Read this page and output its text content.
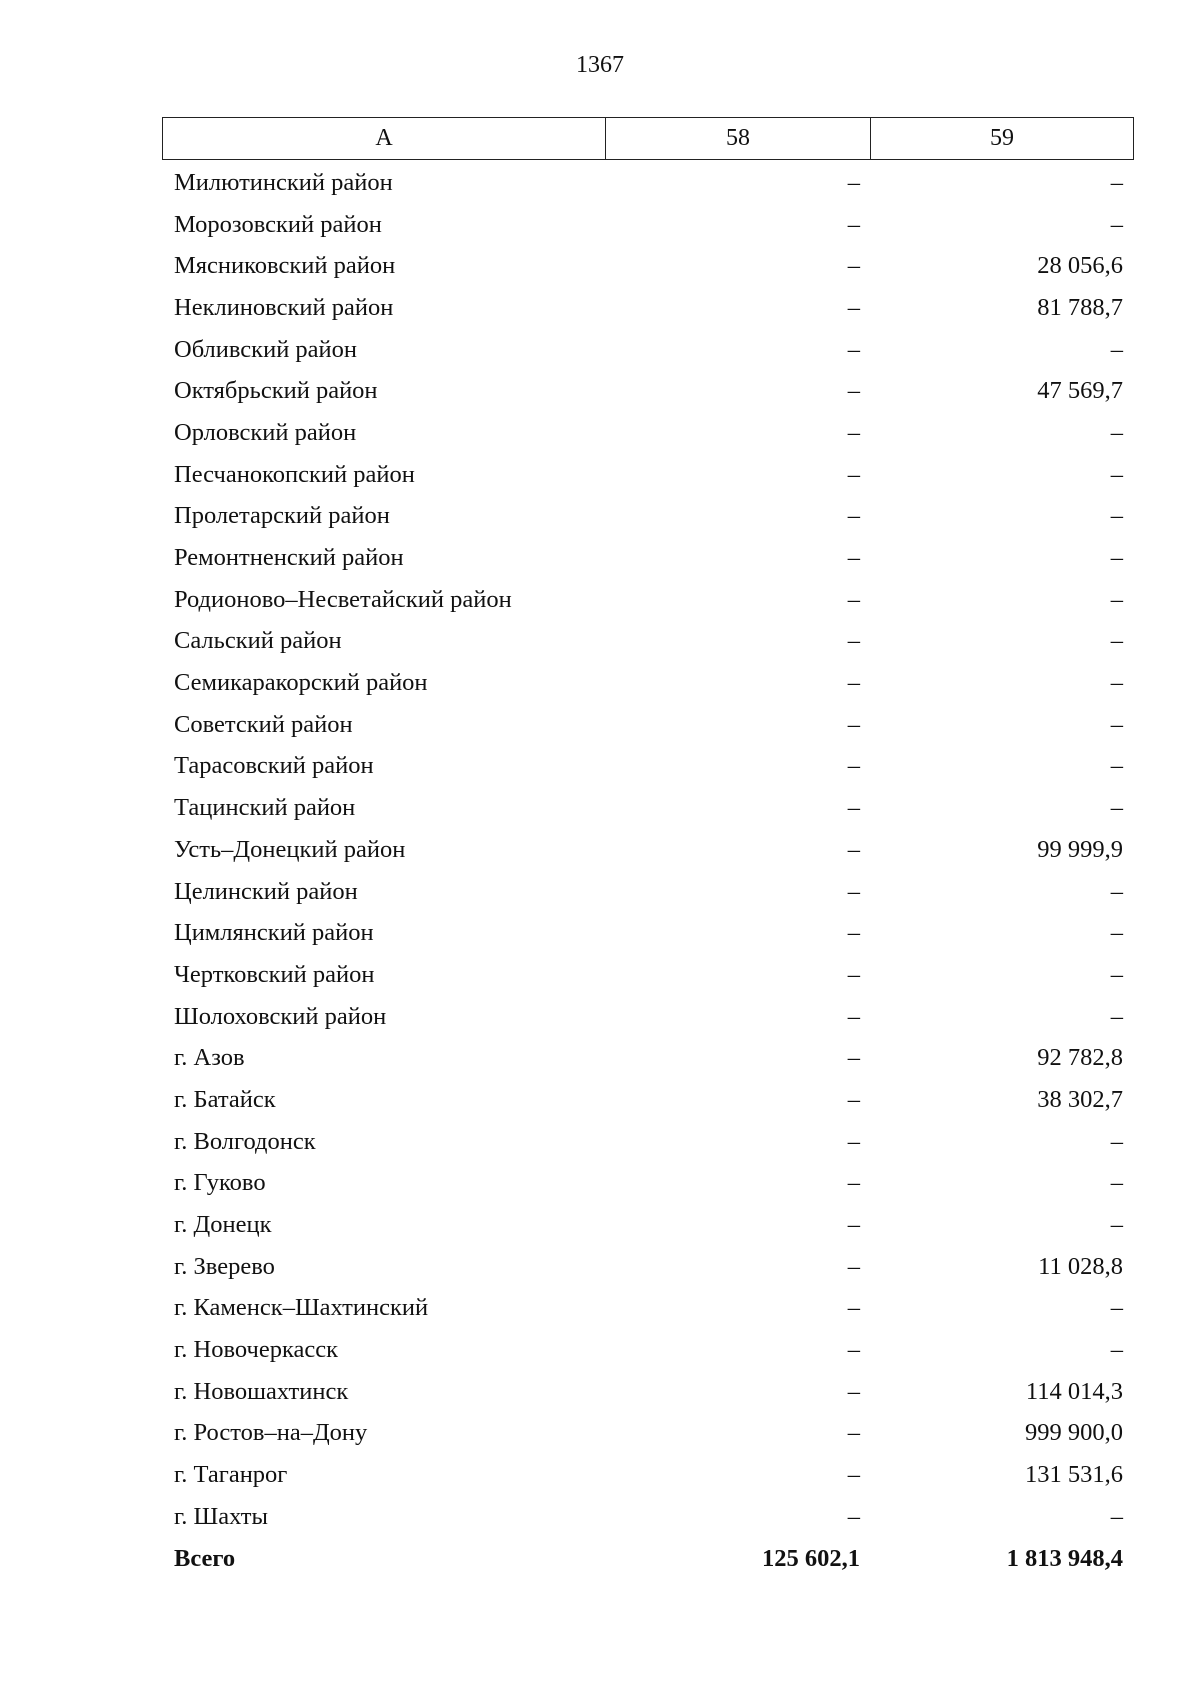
1367
А	58	59
Милютинский район	–	–
Морозовский район	–	–
Мясниковский район	–	28 056,6
Неклиновский район	–	81 788,7
Обливский район	–	–
Октябрьский район	–	47 569,7
Орловский район	–	–
Песчанокопский район	–	–
Пролетарский район	–	–
Ремонтненский район	–	–
Родионово–Несветайский район	–	–
Сальский район	–	–
Семикаракорский район	–	–
Советский район	–	–
Тарасовский район	–	–
Тацинский район	–	–
Усть–Донецкий район	–	99 999,9
Целинский район	–	–
Цимлянский район	–	–
Чертковский район	–	–
Шолоховский район	–	–
г. Азов	–	92 782,8
г. Батайск	–	38 302,7
г. Волгодонск	–	–
г. Гуково	–	–
г. Донецк	–	–
г. Зверево	–	11 028,8
г. Каменск–Шахтинский	–	–
г. Новочеркасск	–	–
г. Новошахтинск	–	114 014,3
г. Ростов–на–Дону	–	999 900,0
г. Таганрог	–	131 531,6
г. Шахты	–	–
Всего	125 602,1	1 813 948,4
